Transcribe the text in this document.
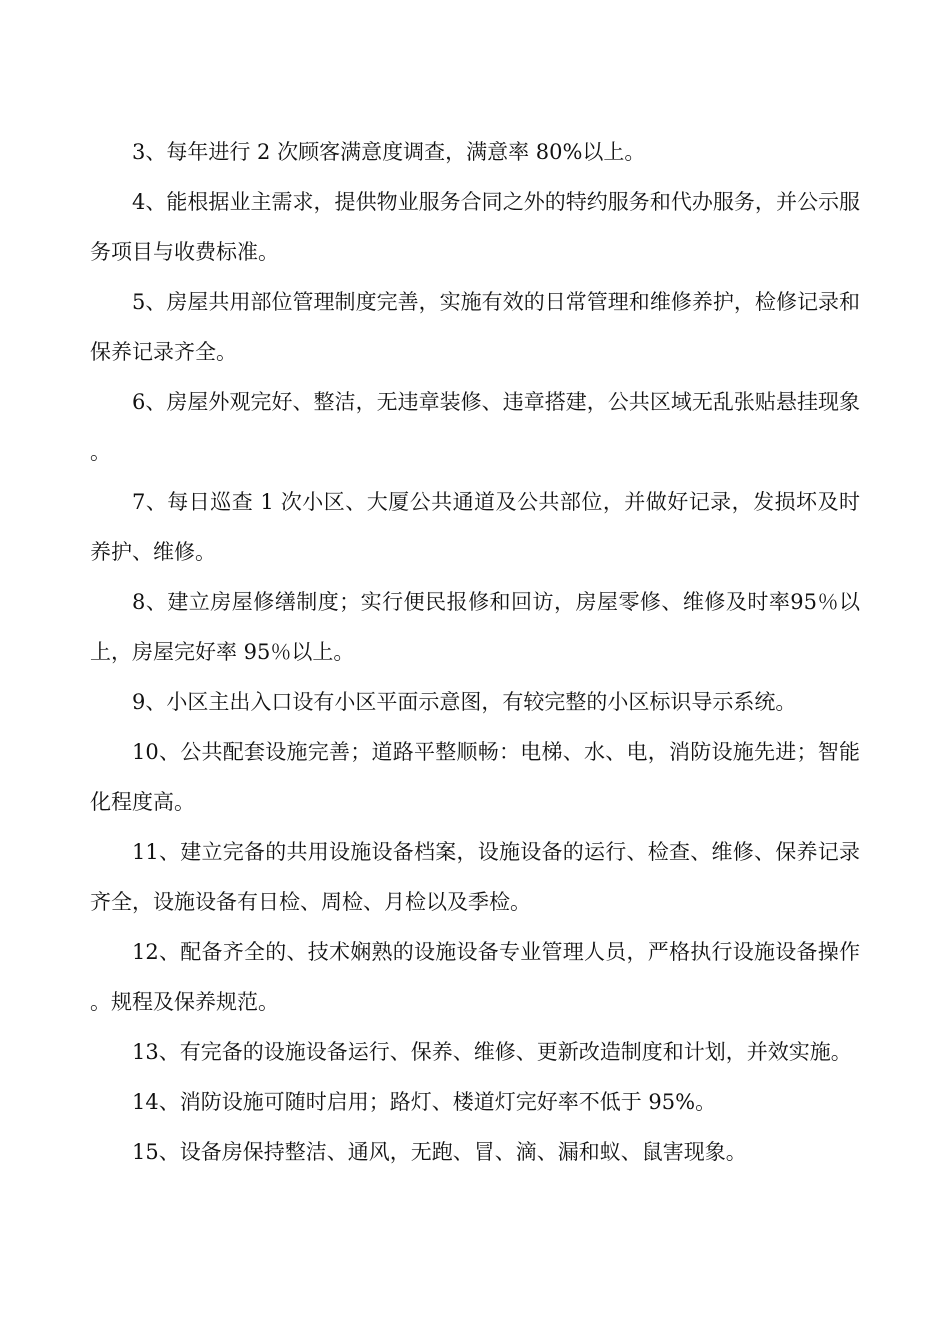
3、每年进行 2 次顾客满意度调查，满意率 80%以上。

4、能根据业主需求，提供物业服务合同之外的特约服务和代办服务，并公示服务项目与收费标准。

5、房屋共用部位管理制度完善，实施有效的日常管理和维修养护，检修记录和保养记录齐全。

6、房屋外观完好、整洁，无违章装修、违章搭建，公共区域无乱张贴悬挂现象。

7、每日巡查 1 次小区、大厦公共通道及公共部位，并做好记录，发损坏及时养护、维修。

8、建立房屋修缮制度；实行便民报修和回访，房屋零修、维修及时率95％以上，房屋完好率 95％以上。

9、小区主出入口设有小区平面示意图，有较完整的小区标识导示系统。

10、公共配套设施完善；道路平整顺畅：电梯、水、电，消防设施先进；智能化程度高。

11、建立完备的共用设施设备档案，设施设备的运行、检查、维修、保养记录齐全，设施设备有日检、周检、月检以及季检。

12、配备齐全的、技术娴熟的设施设备专业管理人员，严格执行设施设备操作。规程及保养规范。

13、有完备的设施设备运行、保养、维修、更新改造制度和计划，并效实施。

14、消防设施可随时启用；路灯、楼道灯完好率不低于 95%。

15、设备房保持整洁、通风，无跑、冒、滴、漏和蚁、鼠害现象。
